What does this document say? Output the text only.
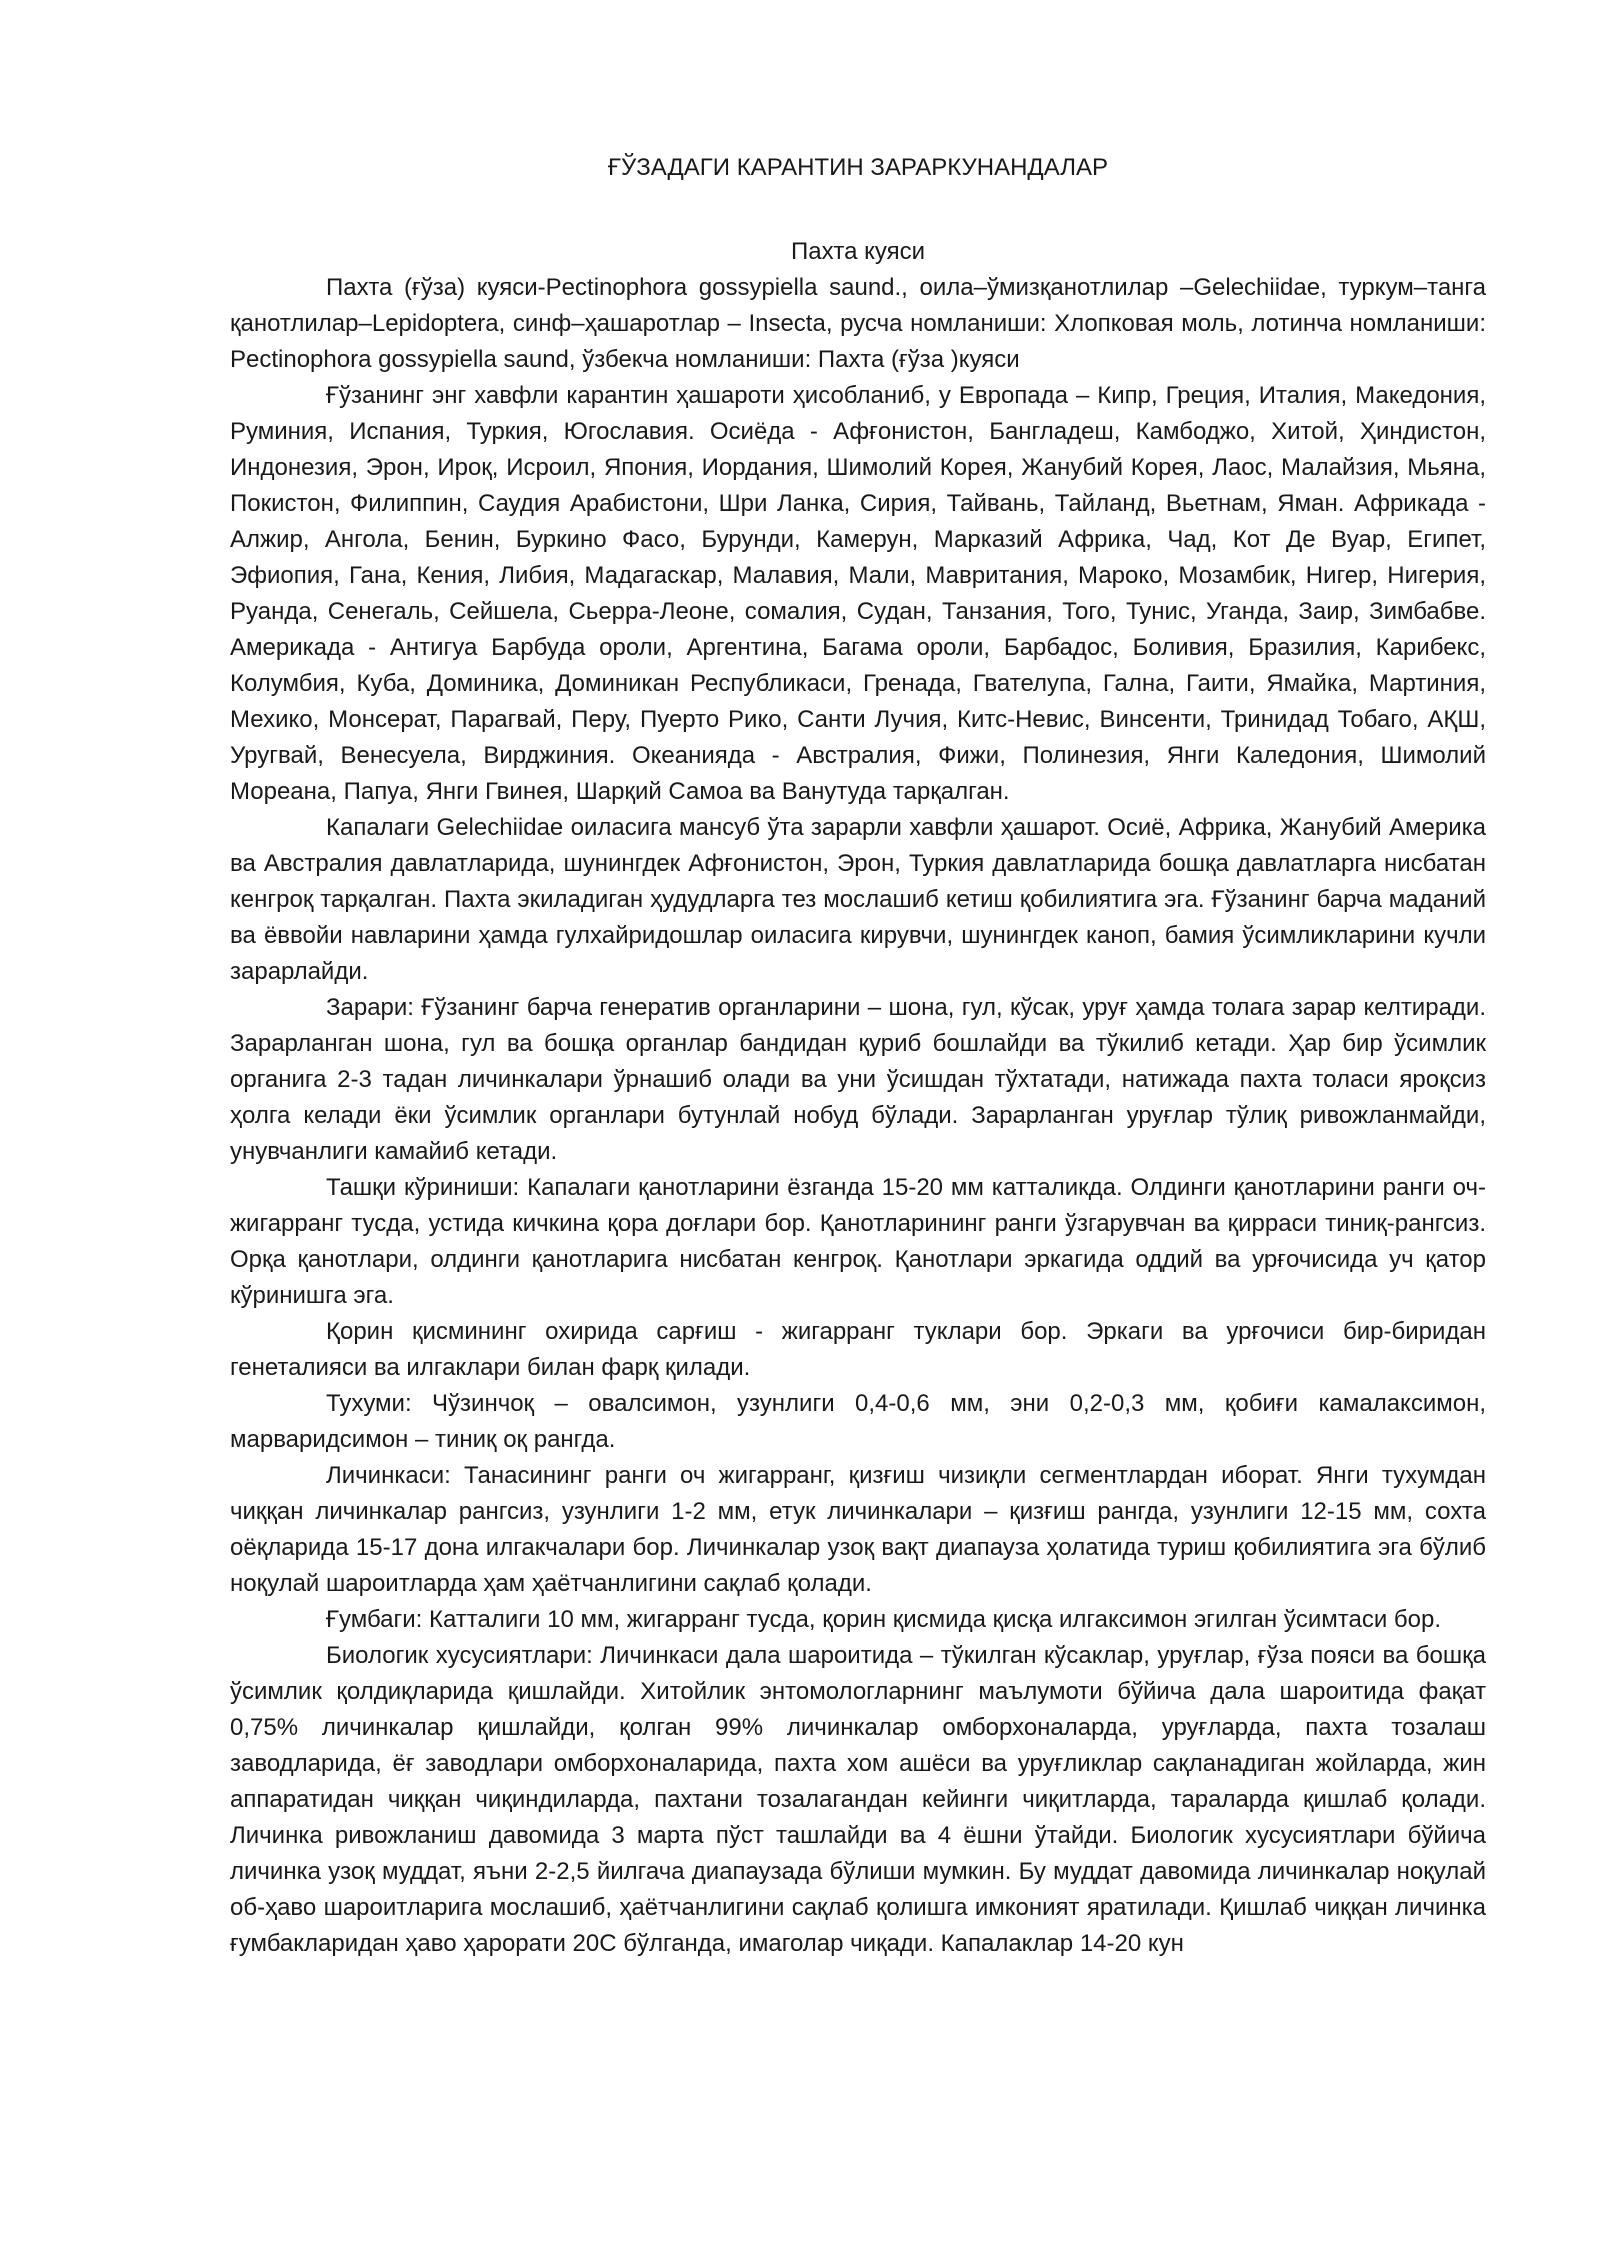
ҒЎЗАДАГИ КАРАНТИН ЗАРАРКУНАНДАЛАР
Пахта куяси

Пахта (ғўза) куяси-Pectinophora gossypiella saund., оила–ўмизқанотлилар –Gelechiidae, туркум–танга қанотлилар–Lepidoptera, синф–ҳашаротлар – Insecta, русча номланиши: Хлопковая моль, лотинча номланиши: Pectinophora gossypiella saund, ўзбекча номланиши: Пахта (ғўза )куяси

Ғўзанинг энг хавфли карантин ҳашароти ҳисобланиб, у Европада – Кипр, Греция, Италия, Македония, Руминия, Испания, Туркия, Югославия. Осиёда - Афғонистон, Бангладеш, Камбоджо, Хитой, Ҳиндистон, Индонезия, Эрон, Ироқ, Исроил, Япония, Иордания, Шимолий Корея, Жанубий Корея, Лаос, Малайзия, Мьяна, Покистон, Филиппин, Саудия Арабистони, Шри Ланка, Сирия, Тайвань, Тайланд, Вьетнам, Яман. Африкада - Алжир, Ангола, Бенин, Буркино Фасо, Бурунди, Камерун, Марказий Африка, Чад, Кот Де Вуар, Египет, Эфиопия, Гана, Кения, Либия, Мадагаскар, Малавия, Мали, Мавритания, Мароко, Мозамбик, Нигер, Нигерия, Руанда, Сенегаль, Сейшела, Сьерра-Леоне, сомалия, Судан, Танзания, Того, Тунис, Уганда, Заир, Зимбабве. Америкада - Антигуа Барбуда ороли, Аргентина, Багама ороли, Барбадос, Боливия, Бразилия, Карибекс, Колумбия, Куба, Доминика, Доминикан Республикаси, Гренада, Гвателупа, Гална, Гаити, Ямайка, Мартиния, Мехико, Монсерат, Парагвай, Перу, Пуерто Рико, Санти Лучия, Китс-Невис, Винсенти, Тринидад Тобаго, АҚШ, Уругвай, Венесуела, Вирджиния. Океанияда - Австралия, Фижи, Полинезия, Янги Каледония, Шимолий Мореана, Папуа, Янги Гвинея, Шарқий Самоа ва Ванутуда тарқалган.

Капалаги Gelechiidae оиласига мансуб ўта зарарли хавфли ҳашарот. Осиё, Африка, Жанубий Америка ва Австралия давлатларида, шунингдек Афғонистон, Эрон, Туркия давлатларида бошқа давлатларга нисбатан кенгроқ тарқалган. Пахта экиладиган ҳудудларга тез мослашиб кетиш қобилиятига эга. Ғўзанинг барча маданий ва ёввойи навларини ҳамда гулхайридошлар оиласига кирувчи, шунингдек каноп, бамия ўсимликларини кучли зарарлайди.

Зарари: Ғўзанинг барча генератив органларини – шона, гул, кўсак, уруғ ҳамда толага зарар келтиради. Зарарланган шона, гул ва бошқа органлар бандидан қуриб бошлайди ва тўкилиб кетади. Ҳар бир ўсимлик органига 2-3 тадан личинкалари ўрнашиб олади ва уни ўсишдан тўхтатади, натижада пахта толаси яроқсиз ҳолга келади ёки ўсимлик органлари бутунлай нобуд бўлади. Зарарланган уруғлар тўлиқ ривожланмайди, унувчанлиги камайиб кетади.

Ташқи кўриниши: Капалаги қанотларини ёзганда 15-20 мм катталикда. Олдинги қанотларини ранги оч-жигарранг тусда, устида кичкина қора доғлари бор. Қанотларининг ранги ўзгарувчан ва қирраси тиниқ-рангсиз. Орқа қанотлари, олдинги қанотларига нисбатан кенгроқ. Қанотлари эркагида оддий ва урғочисида уч қатор кўринишга эга.

Қорин қисмининг охирида сарғиш - жигарранг туклари бор. Эркаги ва урғочиси бир-биридан генеталияси ва илгаклари билан фарқ қилади.

Тухуми: Чўзинчоқ – овалсимон, узунлиги 0,4-0,6 мм, эни 0,2-0,3 мм, қобиғи камалаксимон, марваридсимон – тиниқ оқ рангда.

Личинкаси: Танасининг ранги оч жигарранг, қизғиш чизиқли сегментлардан иборат. Янги тухумдан чиққан личинкалар рангсиз, узунлиги 1-2 мм, етук личинкалари – қизғиш рангда, узунлиги 12-15 мм, сохта оёқларида 15-17 дона илгакчалари бор. Личинкалар узоқ вақт диапауза ҳолатида туриш қобилиятига эга бўлиб ноқулай шароитларда ҳам ҳаётчанлигини сақлаб қолади.

Ғумбаги: Катталиги 10 мм, жигарранг тусда, қорин қисмида қисқа илгаксимон эгилган ўсимтаси бор.

Биологик хусусиятлари: Личинкаси дала шароитида – тўкилган кўсаклар, уруғлар, ғўза пояси ва бошқа ўсимлик қолдиқларида қишлайди. Хитойлик энтомологларнинг маълумоти бўйича дала шароитида фақат 0,75% личинкалар қишлайди, қолган 99% личинкалар омборхоналарда, уруғларда, пахта тозалаш заводларида, ёғ заводлари омборхоналарида, пахта хом ашёси ва уруғликлар сақланадиган жойларда, жин аппаратидан чиққан чиқиндиларда, пахтани тозалагандан кейинги чиқитларда, тараларда қишлаб қолади. Личинка ривожланиш давомида 3 марта пўст ташлайди ва 4 ёшни ўтайди. Биологик хусусиятлари бўйича личинка узоқ муддат, яъни 2-2,5 йилгача диапаузада бўлиши мумкин. Бу муддат давомида личинкалар ноқулай об-ҳаво шароитларига мослашиб, ҳаётчанлигини сақлаб қолишга имконият яратилади. Қишлаб чиққан личинка ғумбакларидан ҳаво ҳарорати 20С бўлганда, имаголар чиқади. Капалаклар 14-20 кун
